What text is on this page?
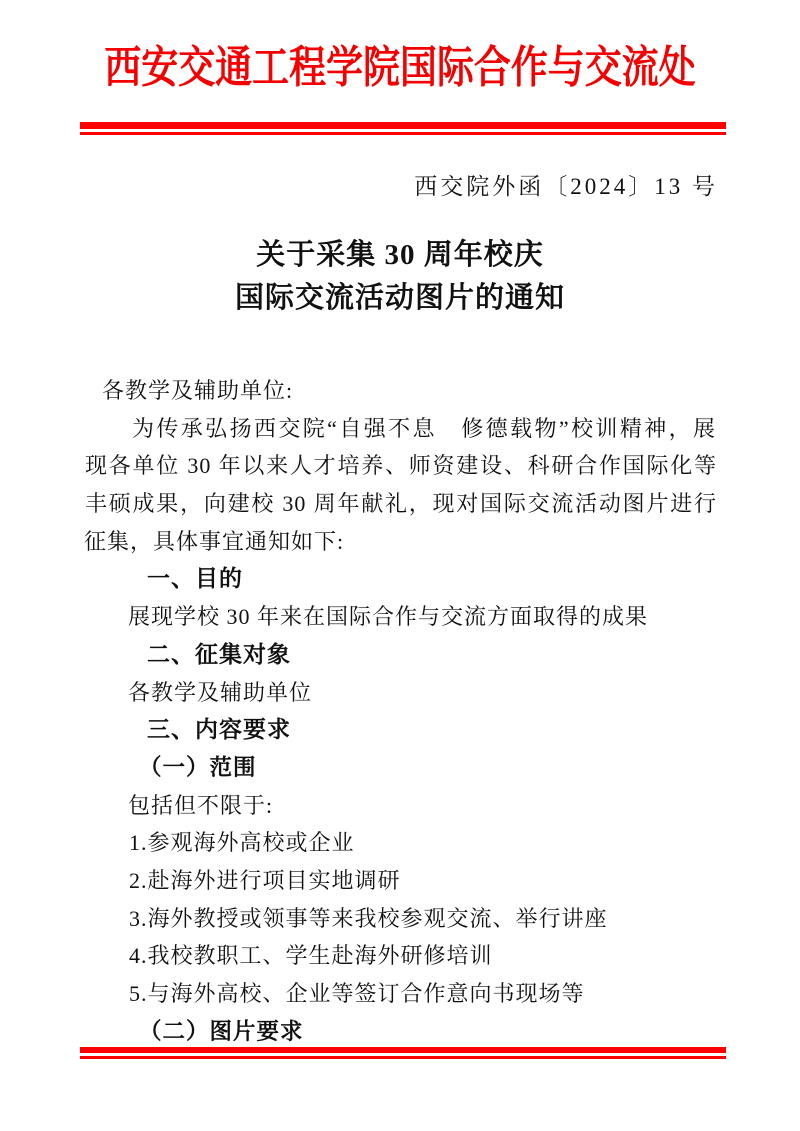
西安交通工程学院国际合作与交流处
西交院外函〔2024〕13 号
关于采集 30 周年校庆
国际交流活动图片的通知
各教学及辅助单位:
为传承弘扬西交院“自强不息　修德载物”校训精神，展
现各单位 30 年以来人才培养、师资建设、科研合作国际化等
丰硕成果，向建校 30 周年献礼，现对国际交流活动图片进行
征集，具体事宜通知如下:
一、目的
展现学校 30 年来在国际合作与交流方面取得的成果
二、征集对象
各教学及辅助单位
三、内容要求
（一）范围
包括但不限于:
1.参观海外高校或企业
2.赴海外进行项目实地调研
3.海外教授或领事等来我校参观交流、举行讲座
4.我校教职工、学生赴海外研修培训
5.与海外高校、企业等签订合作意向书现场等
（二）图片要求
